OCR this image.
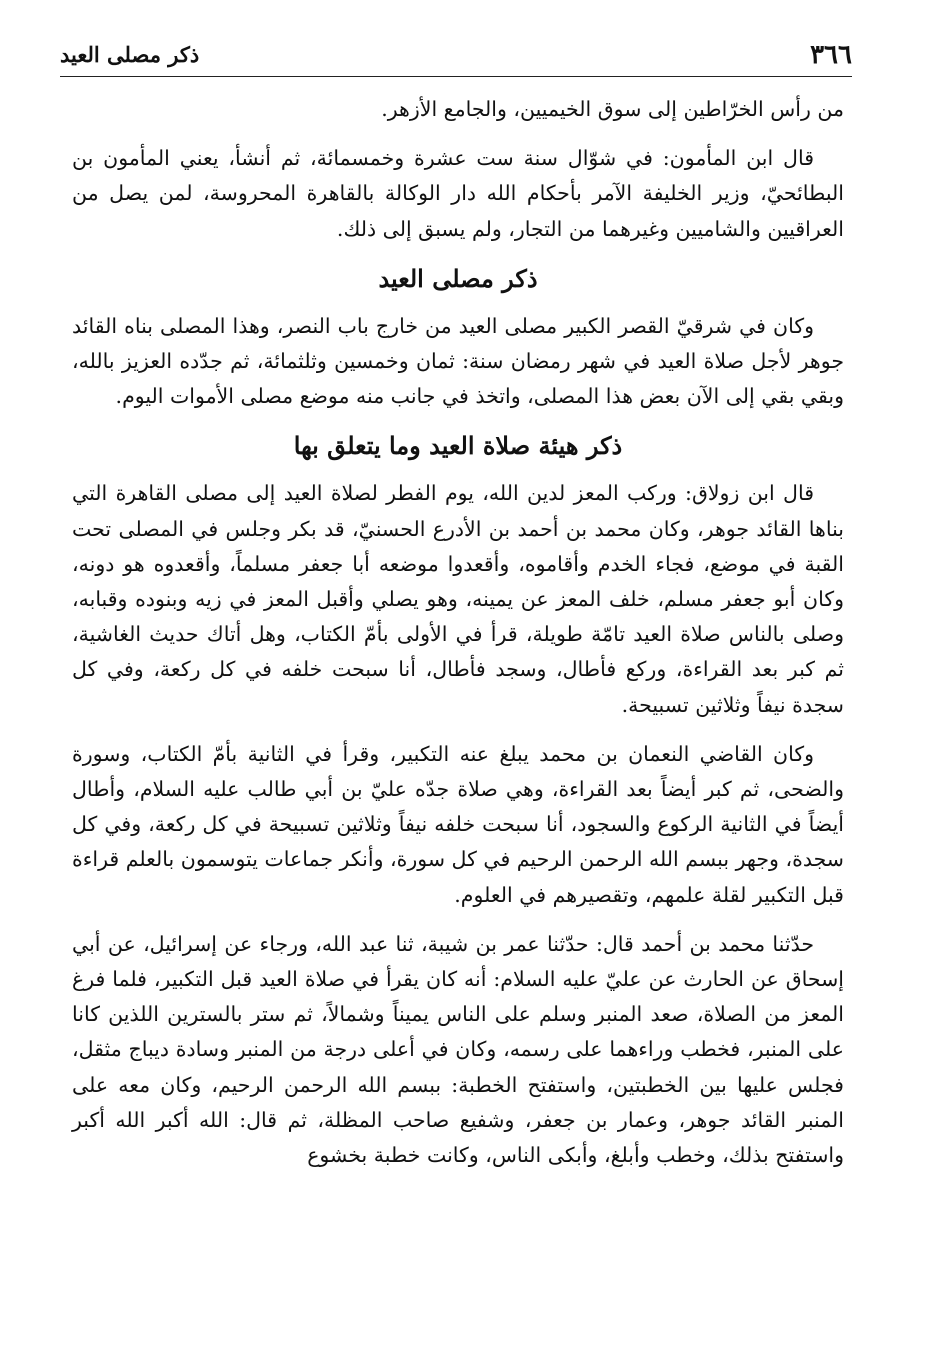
٣٦٦
ذكر مصلى العيد

من رأس الخرّاطين إلى سوق الخيميين، والجامع الأزهر.

قال ابن المأمون: في شوّال سنة ست عشرة وخمسمائة، ثم أنشأ، يعني المأمون بن البطائحيّ، وزير الخليفة الآمر بأحكام الله دار الوكالة بالقاهرة المحروسة، لمن يصل من العراقيين والشاميين وغيرهما من التجار، ولم يسبق إلى ذلك.

ذكر مصلى العيد

وكان في شرقيّ القصر الكبير مصلى العيد من خارج باب النصر، وهذا المصلى بناه القائد جوهر لأجل صلاة العيد في شهر رمضان سنة: ثمان وخمسين وثلثمائة، ثم جدّده العزيز بالله، وبقي بقي إلى الآن بعض هذا المصلى، واتخذ في جانب منه موضع مصلى الأموات اليوم.

ذكر هيئة صلاة العيد وما يتعلق بها

قال ابن زولاق: وركب المعز لدين الله، يوم الفطر لصلاة العيد إلى مصلى القاهرة التي بناها القائد جوهر، وكان محمد بن أحمد بن الأدرع الحسنيّ، قد بكر وجلس في المصلى تحت القبة في موضع، فجاء الخدم وأقاموه، وأقعدوا موضعه أبا جعفر مسلماً، وأقعدوه هو دونه، وكان أبو جعفر مسلم، خلف المعز عن يمينه، وهو يصلي وأقبل المعز في زيه وبنوده وقبابه، وصلى بالناس صلاة العيد تامّة طويلة، قرأ في الأولى بأمّ الكتاب، وهل أتاك حديث الغاشية، ثم كبر بعد القراءة، وركع فأطال، وسجد فأطال، أنا سبحت خلفه في كل ركعة، وفي كل سجدة نيفاً وثلاثين تسبيحة.

وكان القاضي النعمان بن محمد يبلغ عنه التكبير، وقرأ في الثانية بأمّ الكتاب، وسورة والضحى، ثم كبر أيضاً بعد القراءة، وهي صلاة جدّه عليّ بن أبي طالب عليه السلام، وأطال أيضاً في الثانية الركوع والسجود، أنا سبحت خلفه نيفاً وثلاثين تسبيحة في كل ركعة، وفي كل سجدة، وجهر ببسم الله الرحمن الرحيم في كل سورة، وأنكر جماعات يتوسمون بالعلم قراءة قبل التكبير لقلة علمهم، وتقصيرهم في العلوم.

حدّثنا محمد بن أحمد قال: حدّثنا عمر بن شيبة، ثنا عبد الله، ورجاء عن إسرائيل، عن أبي إسحاق عن الحارث عن عليّ عليه السلام: أنه كان يقرأ في صلاة العيد قبل التكبير، فلما فرغ المعز من الصلاة، صعد المنبر وسلم على الناس يميناً وشمالاً، ثم ستر بالسترين اللذين كانا على المنبر، فخطب وراءهما على رسمه، وكان في أعلى درجة من المنبر وسادة ديباج مثقل، فجلس عليها بين الخطبتين، واستفتح الخطبة: ببسم الله الرحمن الرحيم، وكان معه على المنبر القائد جوهر، وعمار بن جعفر، وشفيع صاحب المظلة، ثم قال: الله أكبر الله أكبر واستفتح بذلك، وخطب وأبلغ، وأبكى الناس، وكانت خطبة بخشوع
